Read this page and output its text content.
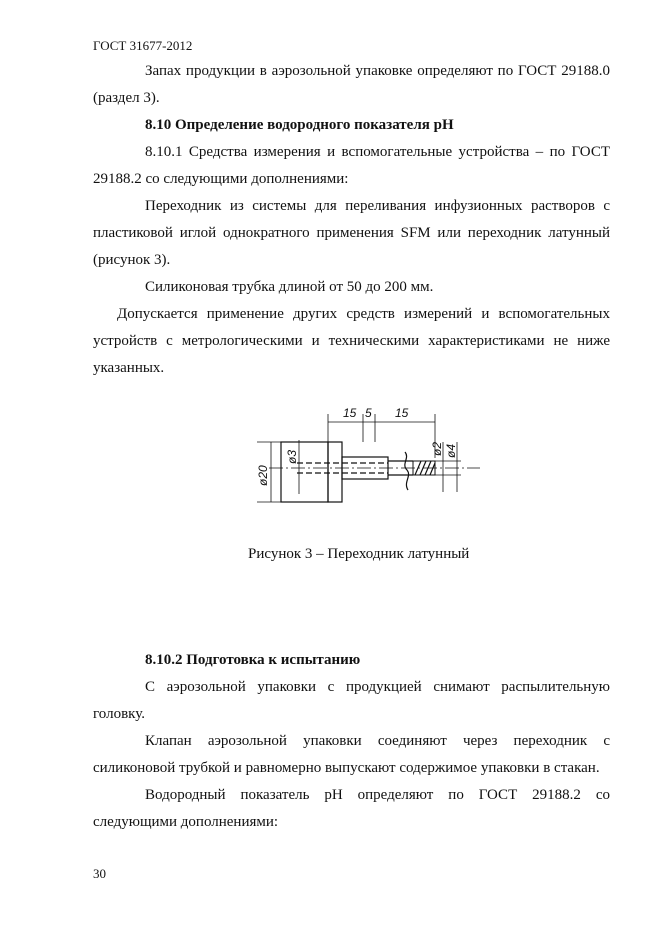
ГОСТ 31677-2012
Запах продукции в аэрозольной упаковке определяют по ГОСТ 29188.0 (раздел 3).
8.10 Определение водородного показателя рН
8.10.1 Средства измерения и вспомогательные устройства – по ГОСТ 29188.2 со следующими дополнениями:
Переходник из системы для переливания инфузионных растворов с пластиковой иглой однократного применения SFM или переходник латунный (рисунок 3).
Силиконовая трубка длиной от 50 до 200 мм.
Допускается применение других средств измерений и вспомогательных устройств с метрологическими и техническими характеристиками не ниже указанных.
15 5 15
ø20
ø3
ø2 ø4
Рисунок 3 – Переходник латунный
8.10.2 Подготовка к испытанию
С аэрозольной упаковки с продукцией снимают распылительную головку.
Клапан аэрозольной упаковки соединяют через переходник с силиконовой трубкой и равномерно выпускают содержимое упаковки в стакан.
Водородный показатель рН определяют по ГОСТ 29188.2 со следующими дополнениями:
30
